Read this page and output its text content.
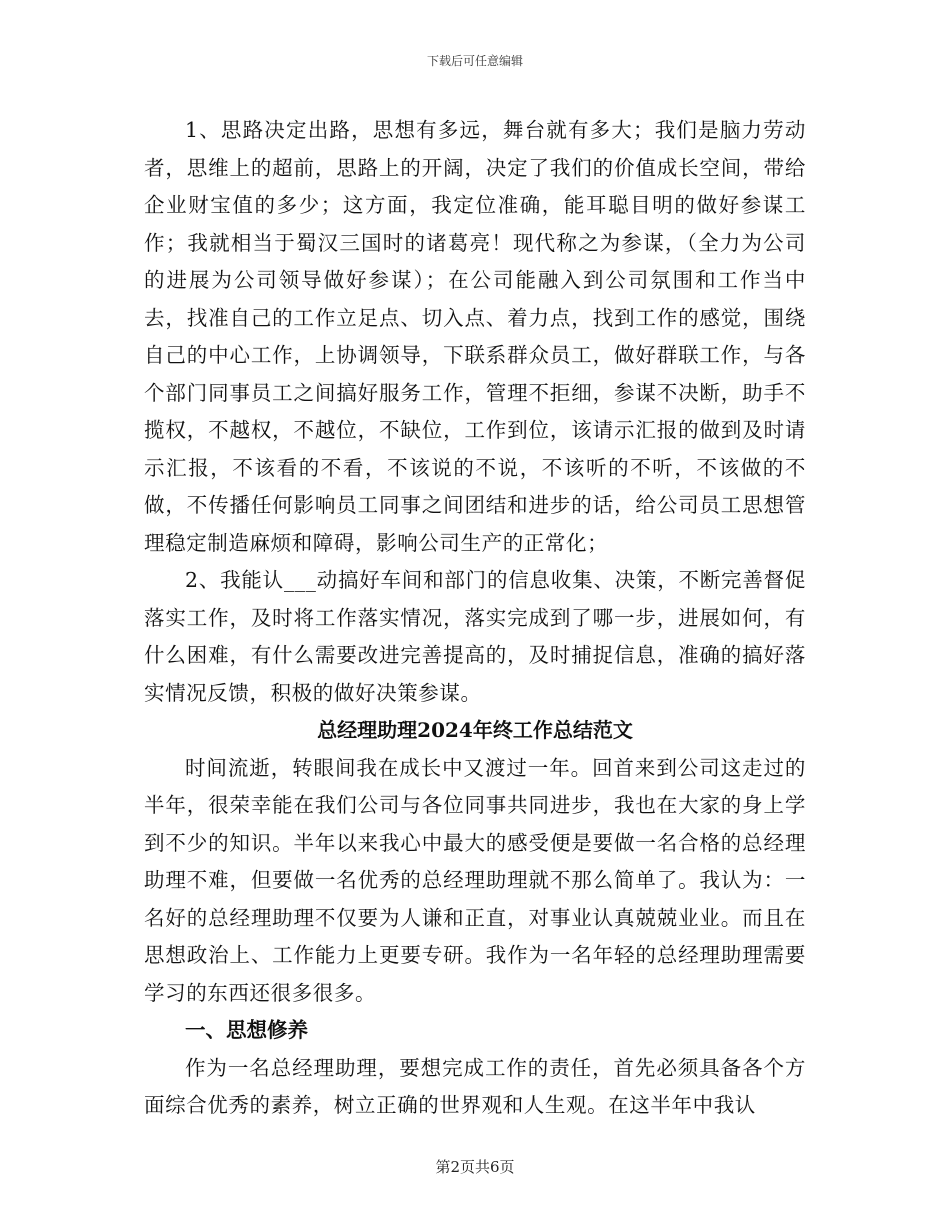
下载后可任意编辑

1、思路决定出路，思想有多远，舞台就有多大；我们是脑力劳动者，思维上的超前，思路上的开阔，决定了我们的价值成长空间，带给企业财宝值的多少；这方面，我定位准确，能耳聪目明的做好参谋工作；我就相当于蜀汉三国时的诸葛亮！现代称之为参谋，（全力为公司的进展为公司领导做好参谋）；在公司能融入到公司氛围和工作当中去，找准自己的工作立足点、切入点、着力点，找到工作的感觉，围绕自己的中心工作，上协调领导，下联系群众员工，做好群联工作，与各个部门同事员工之间搞好服务工作，管理不拒细，参谋不决断，助手不揽权，不越权，不越位，不缺位，工作到位，该请示汇报的做到及时请示汇报，不该看的不看，不该说的不说，不该听的不听，不该做的不做，不传播任何影响员工同事之间团结和进步的话，给公司员工思想管理稳定制造麻烦和障碍，影响公司生产的正常化；

2、我能认___动搞好车间和部门的信息收集、决策，不断完善督促落实工作，及时将工作落实情况，落实完成到了哪一步，进展如何，有什么困难，有什么需要改进完善提高的，及时捕捉信息，准确的搞好落实情况反馈，积极的做好决策参谋。

总经理助理2024年终工作总结范文

时间流逝，转眼间我在成长中又渡过一年。回首来到公司这走过的半年，很荣幸能在我们公司与各位同事共同进步，我也在大家的身上学到不少的知识。半年以来我心中最大的感受便是要做一名合格的总经理助理不难，但要做一名优秀的总经理助理就不那么简单了。我认为：一名好的总经理助理不仅要为人谦和正直，对事业认真兢兢业业。而且在思想政治上、工作能力上更要专研。我作为一名年轻的总经理助理需要学习的东西还很多很多。

一、思想修养

作为一名总经理助理，要想完成工作的责任，首先必须具备各个方面综合优秀的素养，树立正确的世界观和人生观。在这半年中我认

第2页共6页
